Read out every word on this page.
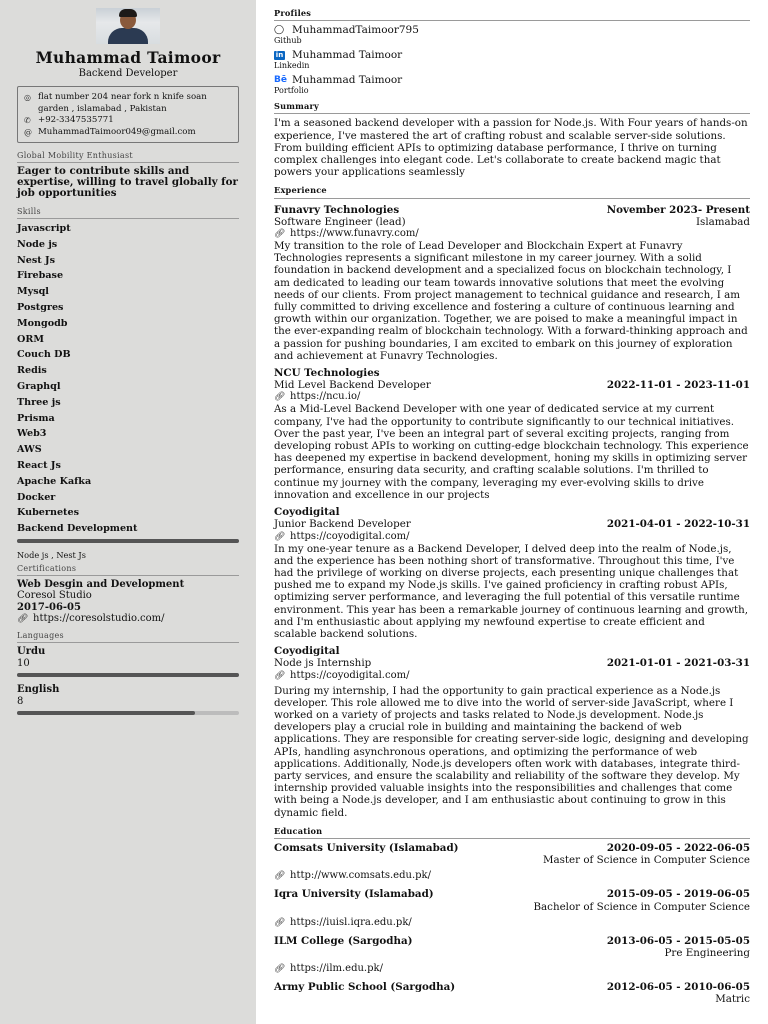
Muhammad Taimoor
Backend Developer
◎ flat number 204 near fork n knife soan garden , islamabad , Pakistan
✆ +92-3347535771
@ MuhammadTaimoor049@gmail.com
Global Mobility Enthusiast
Eager to contribute skills and expertise, willing to travel globally for job opportunities
Skills
Javascript
Node js
Nest Js
Firebase
Mysql
Postgres
Mongodb
ORM
Couch DB
Redis
Graphql
Three js
Prisma
Web3
AWS
React Js
Apache Kafka
Docker
Kubernetes
Backend Development
Node js , Nest Js
Certifications
Web Desgin and Development
Coresol Studio
2017-06-05
🔗︎ https://coresolstudio.com/
Languages
Urdu
10
English
8
Profiles
◯ MuhammadTaimoor795
Github
in Muhammad Taimoor
Linkedin
Bē Muhammad Taimoor
Portfolio
Summary
I'm a seasoned backend developer with a passion for Node.js. With Four years of hands-on experience, I've mastered the art of crafting robust and scalable server-side solutions. From building efficient APIs to optimizing database performance, I thrive on turning complex challenges into elegant code. Let's collaborate to create backend magic that powers your applications seamlessly
Experience
Funavry Technologies	November 2023- Present
Software Engineer (lead)	Islamabad
🔗︎ https://www.funavry.com/
My transition to the role of Lead Developer and Blockchain Expert at Funavry Technologies represents a significant milestone in my career journey. With a solid foundation in backend development and a specialized focus on blockchain technology, I am dedicated to leading our team towards innovative solutions that meet the evolving needs of our clients. From project management to technical guidance and research, I am fully committed to driving excellence and fostering a culture of continuous learning and growth within our organization. Together, we are poised to make a meaningful impact in the ever-expanding realm of blockchain technology. With a forward-thinking approach and a passion for pushing boundaries, I am excited to embark on this journey of exploration and achievement at Funavry Technologies.
NCU Technologies
Mid Level Backend Developer	2022-11-01 - 2023-11-01
🔗︎ https://ncu.io/
As a Mid-Level Backend Developer with one year of dedicated service at my current company, I've had the opportunity to contribute significantly to our technical initiatives. Over the past year, I've been an integral part of several exciting projects, ranging from developing robust APIs to working on cutting-edge blockchain technology. This experience has deepened my expertise in backend development, honing my skills in optimizing server performance, ensuring data security, and crafting scalable solutions. I'm thrilled to continue my journey with the company, leveraging my ever-evolving skills to drive innovation and excellence in our projects
Coyodigital
Junior Backend Developer	2021-04-01 - 2022-10-31
🔗︎ https://coyodigital.com/
In my one-year tenure as a Backend Developer, I delved deep into the realm of Node.js, and the experience has been nothing short of transformative. Throughout this time, I've had the privilege of working on diverse projects, each presenting unique challenges that pushed me to expand my Node.js skills. I've gained proficiency in crafting robust APIs, optimizing server performance, and leveraging the full potential of this versatile runtime environment. This year has been a remarkable journey of continuous learning and growth, and I'm enthusiastic about applying my newfound expertise to create efficient and scalable backend solutions.
Coyodigital
Node js Internship	2021-01-01 - 2021-03-31
🔗︎ https://coyodigital.com/
During my internship, I had the opportunity to gain practical experience as a Node.js developer. This role allowed me to dive into the world of server-side JavaScript, where I worked on a variety of projects and tasks related to Node.js development. Node.js developers play a crucial role in building and maintaining the backend of web applications. They are responsible for creating server-side logic, designing and developing APIs, handling asynchronous operations, and optimizing the performance of web applications. Additionally, Node.js developers often work with databases, integrate third-party services, and ensure the scalability and reliability of the software they develop. My internship provided valuable insights into the responsibilities and challenges that come with being a Node.js developer, and I am enthusiastic about continuing to grow in this dynamic field.
Education
Comsats University (Islamabad)	2020-09-05 - 2022-06-05
Master of Science in Computer Science
🔗︎ http://www.comsats.edu.pk/
Iqra University (Islamabad)	2015-09-05 - 2019-06-05
Bachelor of Science in Computer Science
🔗︎ https://iuisl.iqra.edu.pk/
ILM College (Sargodha)	2013-06-05 - 2015-05-05
Pre Engineering
🔗︎ https://ilm.edu.pk/
Army Public School (Sargodha)	2012-06-05 - 2010-06-05
Matric
